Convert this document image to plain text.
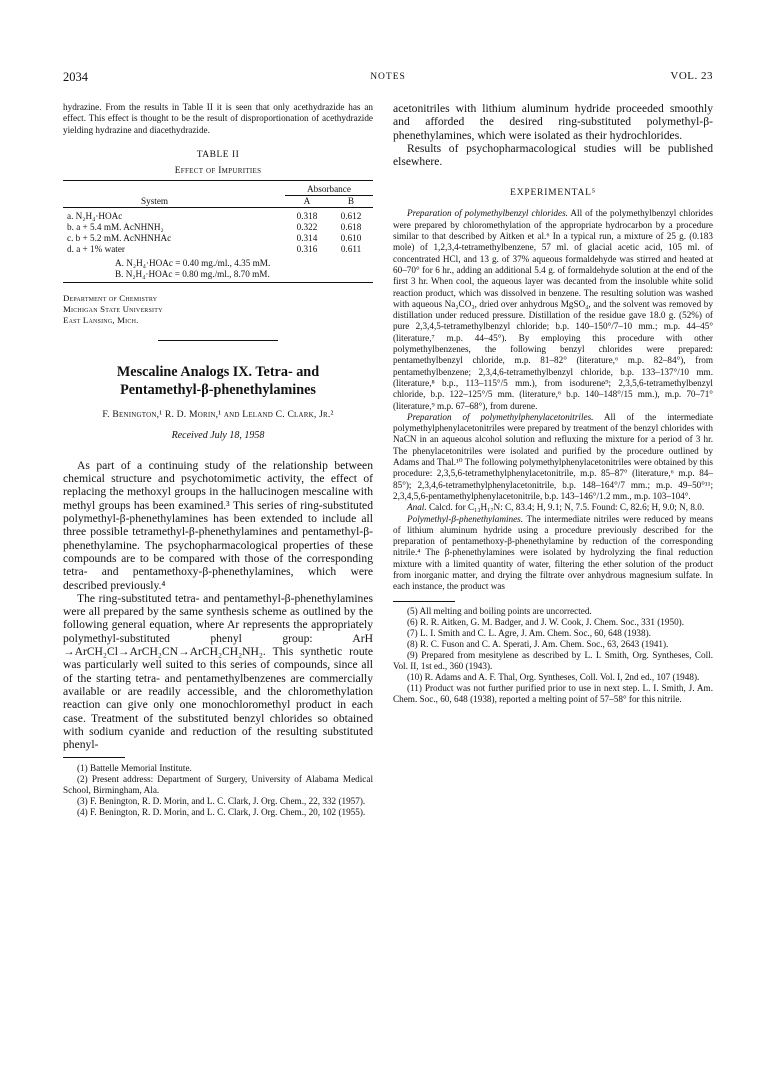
2034	NOTES	VOL. 23

hydrazine. From the results in Table II it is seen that only acethydrazide has an effect. This effect is thought to be the result of disproportionation of acethydrazide yielding hydrazine and diacethydrazide.

TABLE II
Effect of Impurities

	Absorbance	
System	A	B
a. N₂H₄·HOAc	0.318	0.612
b. a + 5.4 mM. AcNHNH₂	0.322	0.618
c. b + 5.2 mM. AcNHNHAc	0.314	0.610
d. a + 1% water	0.316	0.611
A. N₂H₄·HOAc = 0.40 mg./ml., 4.35 mM.
B. N₂H₄·HOAc = 0.80 mg./ml., 8.70 mM.
Department of Chemistry
Michigan State University
East Lansing, Mich.
Mescaline Analogs IX. Tetra- and
Pentamethyl-β-phenethylamines
F. Benington,¹ R. D. Morin,¹ and Leland C. Clark, Jr.²
Received July 18, 1958

As part of a continuing study of the relationship between chemical structure and psychotomimetic activity, the effect of replacing the methoxyl groups in the hallucinogen mescaline with methyl groups has been examined.³ This series of ring-substituted polymethyl-β-phenethylamines has been extended to include all three possible tetramethyl-β-phenethylamines and pentamethyl-β-phenethylamine. The psychopharmacological properties of these compounds are to be compared with those of the corresponding tetra- and pentamethoxy-β-phenethylamines, which were described previously.⁴

The ring-substituted tetra- and pentamethyl-β-phenethylamines were all prepared by the same synthesis scheme as outlined by the following general equation, where Ar represents the appropriately polymethyl-substituted phenyl group: ArH →ArCH₂Cl→ArCH₂CN→ArCH₂CH₂NH₂. This synthetic route was particularly well suited to this series of compounds, since all of the starting tetra- and pentamethylbenzenes are commercially available or are readily accessible, and the chloromethylation reaction can give only one monochloromethyl product in each case. Treatment of the substituted benzyl chlorides so obtained with sodium cyanide and reduction of the resulting substituted phenyl-

(1) Battelle Memorial Institute.

(2) Present address: Department of Surgery, University of Alabama Medical School, Birmingham, Ala.

(3) F. Benington, R. D. Morin, and L. C. Clark, J. Org. Chem., 22, 332 (1957).

(4) F. Benington, R. D. Morin, and L. C. Clark, J. Org. Chem., 20, 102 (1955).

acetonitriles with lithium aluminum hydride proceeded smoothly and afforded the desired ring-substituted polymethyl-β-phenethylamines, which were isolated as their hydrochlorides.

Results of psychopharmacological studies will be published elsewhere.

EXPERIMENTAL⁵

Preparation of polymethylbenzyl chlorides. All of the polymethylbenzyl chlorides were prepared by chloromethylation of the appropriate hydrocarbon by a procedure similar to that described by Aitken et al.⁶ In a typical run, a mixture of 25 g. (0.183 mole) of 1,2,3,4-tetramethylbenzene, 57 ml. of glacial acetic acid, 105 ml. of concentrated HCl, and 13 g. of 37% aqueous formaldehyde was stirred and heated at 60–70° for 6 hr., adding an additional 5.4 g. of formaldehyde solution at the end of the first 3 hr. When cool, the aqueous layer was decanted from the insoluble white solid reaction product, which was dissolved in benzene. The resulting solution was washed with aqueous Na₂CO₃, dried over anhydrous MgSO₄, and the solvent was removed by distillation under reduced pressure. Distillation of the residue gave 18.0 g. (52%) of pure 2,3,4,5-tetramethylbenzyl chloride; b.p. 140–150°/7–10 mm.; m.p. 44–45° (literature,⁷ m.p. 44–45°). By employing this procedure with other polymethylbenzenes, the following benzyl chlorides were prepared: pentamethylbenzyl chloride, m.p. 81–82° (literature,⁶ m.p. 82–84°), from pentamethylbenzene; 2,3,4,6-tetramethylbenzyl chloride, b.p. 133–137°/10 mm. (literature,⁸ b.p., 113–115°/5 mm.), from isodurene⁹; 2,3,5,6-tetramethylbenzyl chloride, b.p. 122–125°/5 mm. (literature,⁶ b.p. 140–148°/15 mm.), m.p. 70–71° (literature,⁹ m.p. 67–68°), from durene.

Preparation of polymethylphenylacetonitriles. All of the intermediate polymethylphenylacetonitriles were prepared by treatment of the benzyl chlorides with NaCN in an aqueous alcohol solution and refluxing the mixture for a period of 3 hr. The phenylacetonitriles were isolated and purified by the procedure outlined by Adams and Thal.¹⁰ The following polymethylphenylacetonitriles were obtained by this procedure: 2,3,5,6-tetramethylphenylacetonitrile, m.p. 85–87° (literature,⁶ m.p. 84–85°); 2,3,4,6-tetramethylphenylacetonitrile, b.p. 148–164°/7 mm.; m.p. 49–50°¹¹; 2,3,4,5,6-pentamethylphenylacetonitrile, b.p. 143–146°/1.2 mm., m.p. 103–104°.

Anal. Calcd. for C₁₃H₁₇N: C, 83.4; H, 9.1; N, 7.5. Found: C, 82.6; H, 9.0; N, 8.0.

Polymethyl-β-phenethylamines. The intermediate nitriles were reduced by means of lithium aluminum hydride using a procedure previously described for the preparation of pentamethoxy-β-phenethylamine by reduction of the corresponding nitrile.⁴ The β-phenethylamines were isolated by hydrolyzing the final reduction mixture with a limited quantity of water, filtering the ether solution of the product from inorganic matter, and drying the filtrate over anhydrous magnesium sulfate. In each instance, the product was

(5) All melting and boiling points are uncorrected.

(6) R. R. Aitken, G. M. Badger, and J. W. Cook, J. Chem. Soc., 331 (1950).

(7) L. I. Smith and C. L. Agre, J. Am. Chem. Soc., 60, 648 (1938).

(8) R. C. Fuson and C. A. Sperati, J. Am. Chem. Soc., 63, 2643 (1941).

(9) Prepared from mesitylene as described by L. I. Smith, Org. Syntheses, Coll. Vol. II, 1st ed., 360 (1943).

(10) R. Adams and A. F. Thal, Org. Syntheses, Coll. Vol. I, 2nd ed., 107 (1948).

(11) Product was not further purified prior to use in next step. L. I. Smith, J. Am. Chem. Soc., 60, 648 (1938), reported a melting point of 57–58° for this nitrile.
